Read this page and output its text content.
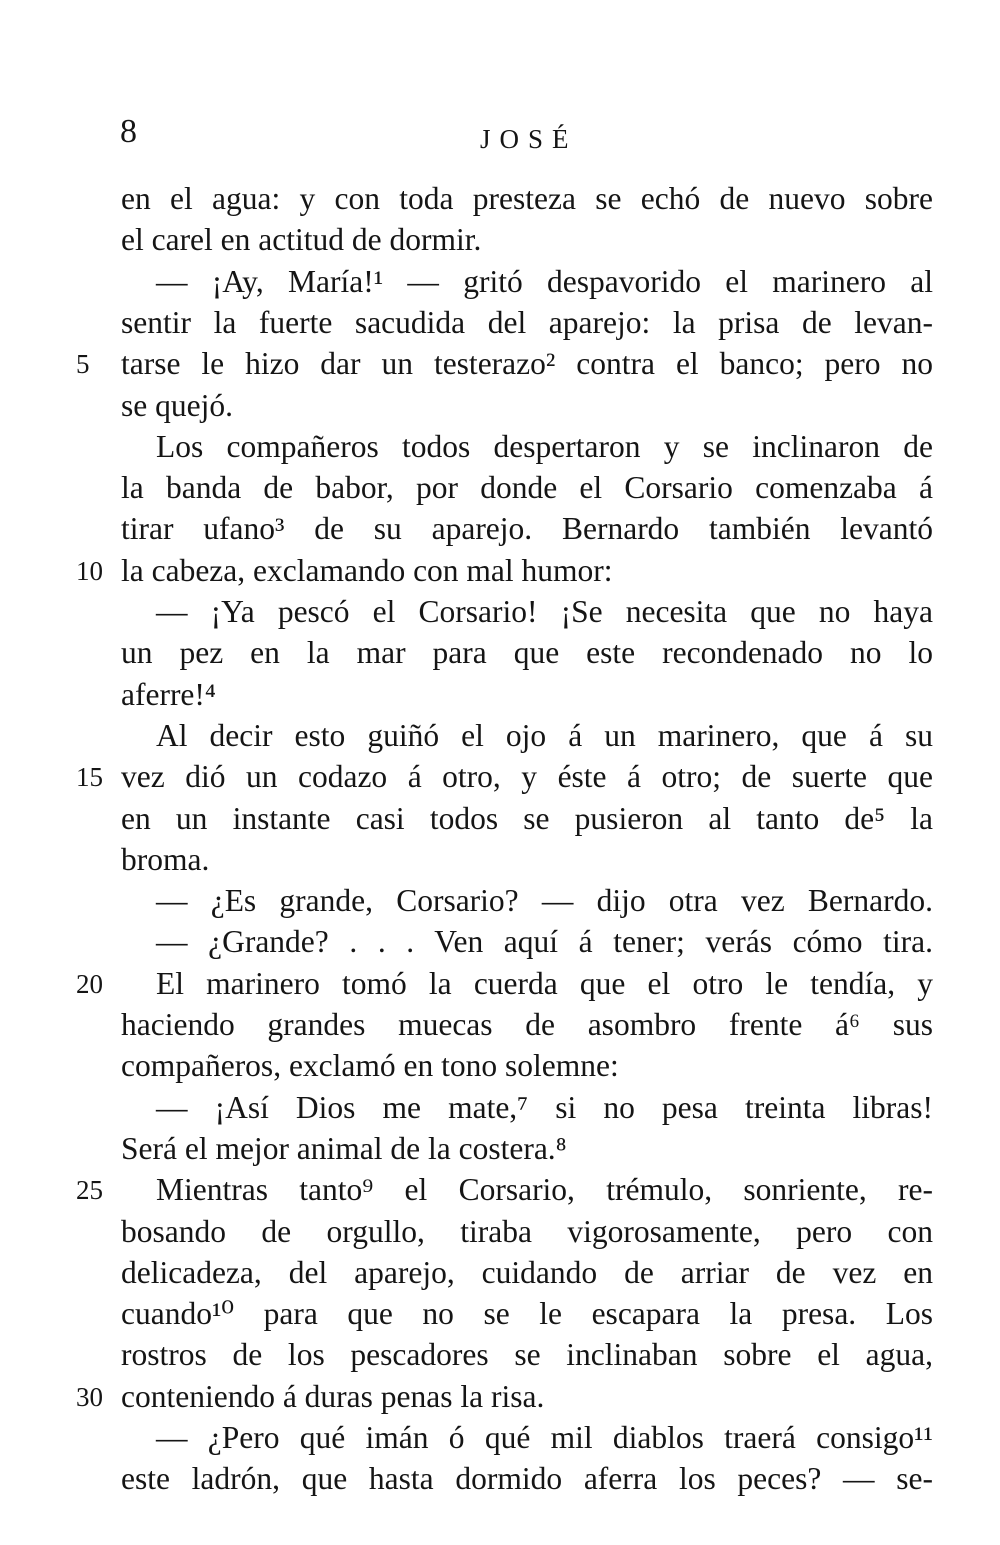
8	JOSÉ
en el agua: y con toda presteza se echó de nuevo sobre
el carel en actitud de dormir.
— ¡Ay, María!¹ — gritó despavorido el marinero al
sentir la fuerte sacudida del aparejo: la prisa de levan-
5	tarse le hizo dar un testerazo² contra el banco; pero no
se quejó.
Los compañeros todos despertaron y se inclinaron de
la banda de babor, por donde el Corsario comenzaba á
tirar ufano³ de su aparejo. Bernardo también levantó
10 la cabeza, exclamando con mal humor:
— ¡Ya pescó el Corsario! ¡Se necesita que no haya
un pez en la mar para que este recondenado no lo
aferre!⁴
Al decir esto guiñó el ojo á un marinero, que á su
15 vez dió un codazo á otro, y éste á otro; de suerte que
en un instante casi todos se pusieron al tanto de⁵ la
broma.
— ¿Es grande, Corsario? — dijo otra vez Bernardo.
— ¿Grande? . . . Ven aquí á tener; verás cómo tira.
20 El marinero tomó la cuerda que el otro le tendía, y
haciendo grandes muecas de asombro frente á⁶ sus
compañeros, exclamó en tono solemne:
— ¡Así Dios me mate,⁷ si no pesa treinta libras!
Será el mejor animal de la costera.⁸
25 Mientras tanto⁹ el Corsario, trémulo, sonriente, re-
bosando de orgullo, tiraba vigorosamente, pero con
delicadeza, del aparejo, cuidando de arriar de vez en
cuando¹⁰ para que no se le escapara la presa. Los
rostros de los pescadores se inclinaban sobre el agua,
30 conteniendo á duras penas la risa.
— ¿Pero qué imán ó qué mil diablos traerá consigo¹¹
este ladrón, que hasta dormido aferra los peces? — se-
